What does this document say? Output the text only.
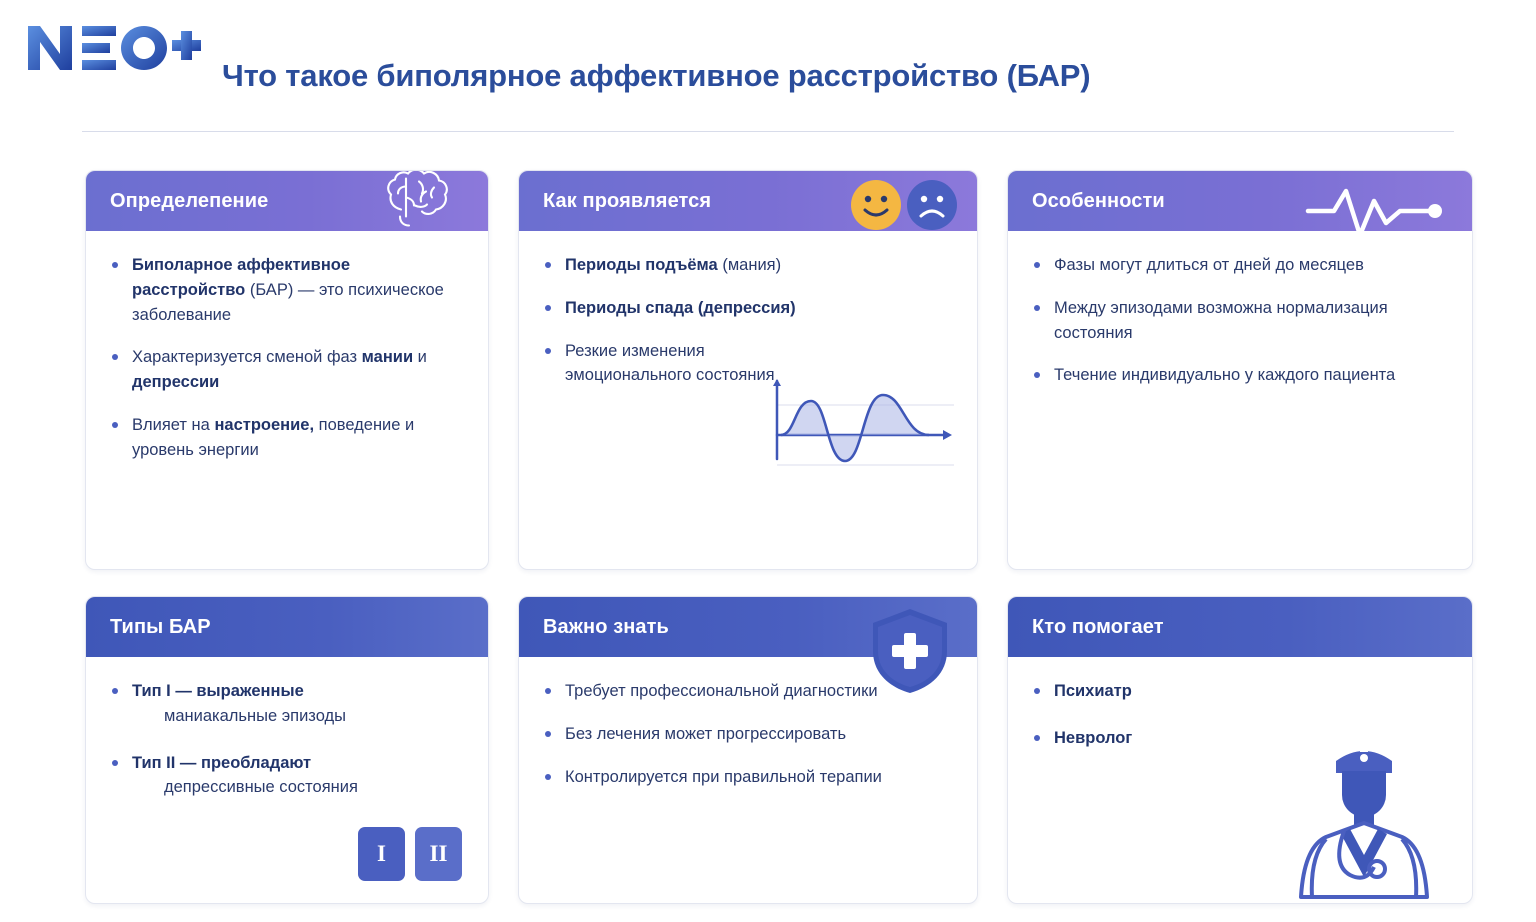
Что такое биполярное аффективное расстройство (БАР)
Определепение
Биполарное аффективное расстройство (БАР) — это психическое заболевание
Характеризуется сменой фаз мании и депрессии
Влияет на настроение, поведение и уровень энергии
Как проявляется
Периоды подъёма (мания)
Периоды спада (депрессия)
Резкие изменения эмоционального состояния
Особенности
Фазы могут длиться от дней до месяцев
Между эпизодами возможна нормализация состояния
Течение индивидуально у каждого пациента
Типы БАР
Тип I — выраженные
маниакальные эпизоды
Тип II — преобладают
депрессивные состояния
I	II
Важно знать
Требует профессиональной диагностики
Без лечения может прогрессировать
Контролируется при правильной терапии
Кто помогает
Психиатр
Невролог
